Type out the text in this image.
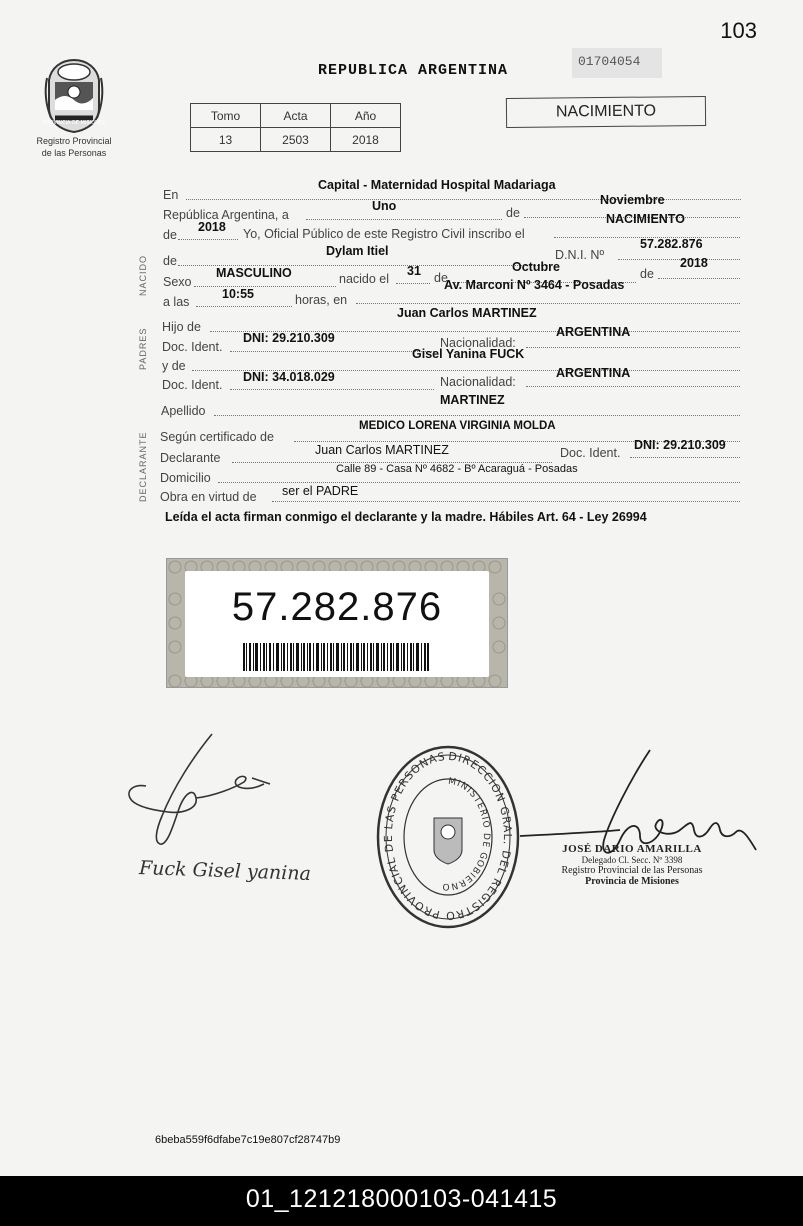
103
PROVINCIA DE MISIONES
Registro Provincial
de las Personas
REPUBLICA ARGENTINA
01704054
Tomo	Acta	Año
13	2503	2018
NACIMIENTO
NACIDO
PADRES
DECLARANTE
En
Capital - Maternidad Hospital Madariaga
República Argentina, a
Uno	de
Noviembre
de
2018 Yo, Oficial Público de este Registro Civil inscribo el
NACIMIENTO
de
Dylam Itiel	D.N.I. Nº
57.282.876
Sexo
MASCULINO	nacido el
31 de
Octubre	de
2018
a las
10:55	horas, en
Av. Marconi Nº 3464 - Posadas
Hijo de
Juan Carlos MARTINEZ
Doc. Ident.
DNI: 29.210.309	Nacionalidad:
ARGENTINA
y de
Gisel Yanina FUCK
Doc. Ident.
DNI: 34.018.029	Nacionalidad:
ARGENTINA
Apellido
MARTINEZ
Según certificado de
MEDICO LORENA VIRGINIA MOLDA
Declarante
Juan Carlos MARTINEZ	Doc. Ident.
DNI: 29.210.309
Domicilio
Calle 89 - Casa Nº 4682 - Bº Acaraguá - Posadas
Obra en virtud de ser el PADRE
Leída el acta firman conmigo el declarante y la madre. Hábiles Art. 64 - Ley 26994
57.282.876
Fuck Gisel yanina
DIRECCION GRAL. DEL REGISTRO PROVINCIAL DE LAS PERSONAS
MINISTERIO DE GOBIERNO
JOSÉ DARIO AMARILLA
Delegado Cl. Secc. Nº 3398
Registro Provincial de las Personas
Provincia de Misiones
6beba559f6dfabe7c19e807cf28747b9
01_121218000103-041415
